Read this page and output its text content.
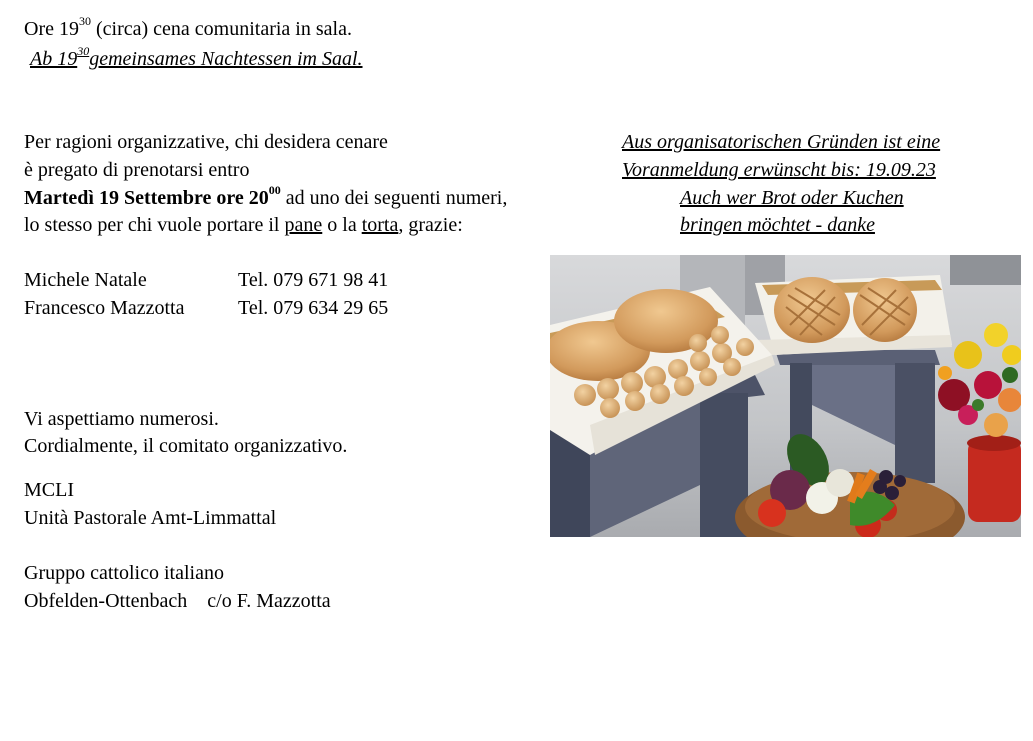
Ore $19^{30}$ (circa) cena comunitaria in sala.
Ab $19^{30}gemeinsames$ Nachtessen im Saal.
Per ragioni organizzative, chi desidera cenare
è pregato di prenotarsi entro
Martedì 19 Settembre ore $20^{00}$ ad uno dei seguenti numeri,
lo stesso per chi vuole portare il pane o la torta, grazie:
Aus organisatorischen Gründen ist eine
Voranmeldung erwünscht bis: 19.09.23
Auch wer Brot oder Kuchen
bringen möchtet - danke
Michele Natale	Tel. 079 671 98 41
Francesco Mazzotta	Tel. 079 634 29 65
Vi aspettiamo numerosi.
Cordialmente, il comitato organizzativo.
MCLI
Unità Pastorale Amt-Limmattal
Gruppo cattolico italiano
Obfelden-Ottenbach c/o F. Mazzotta
